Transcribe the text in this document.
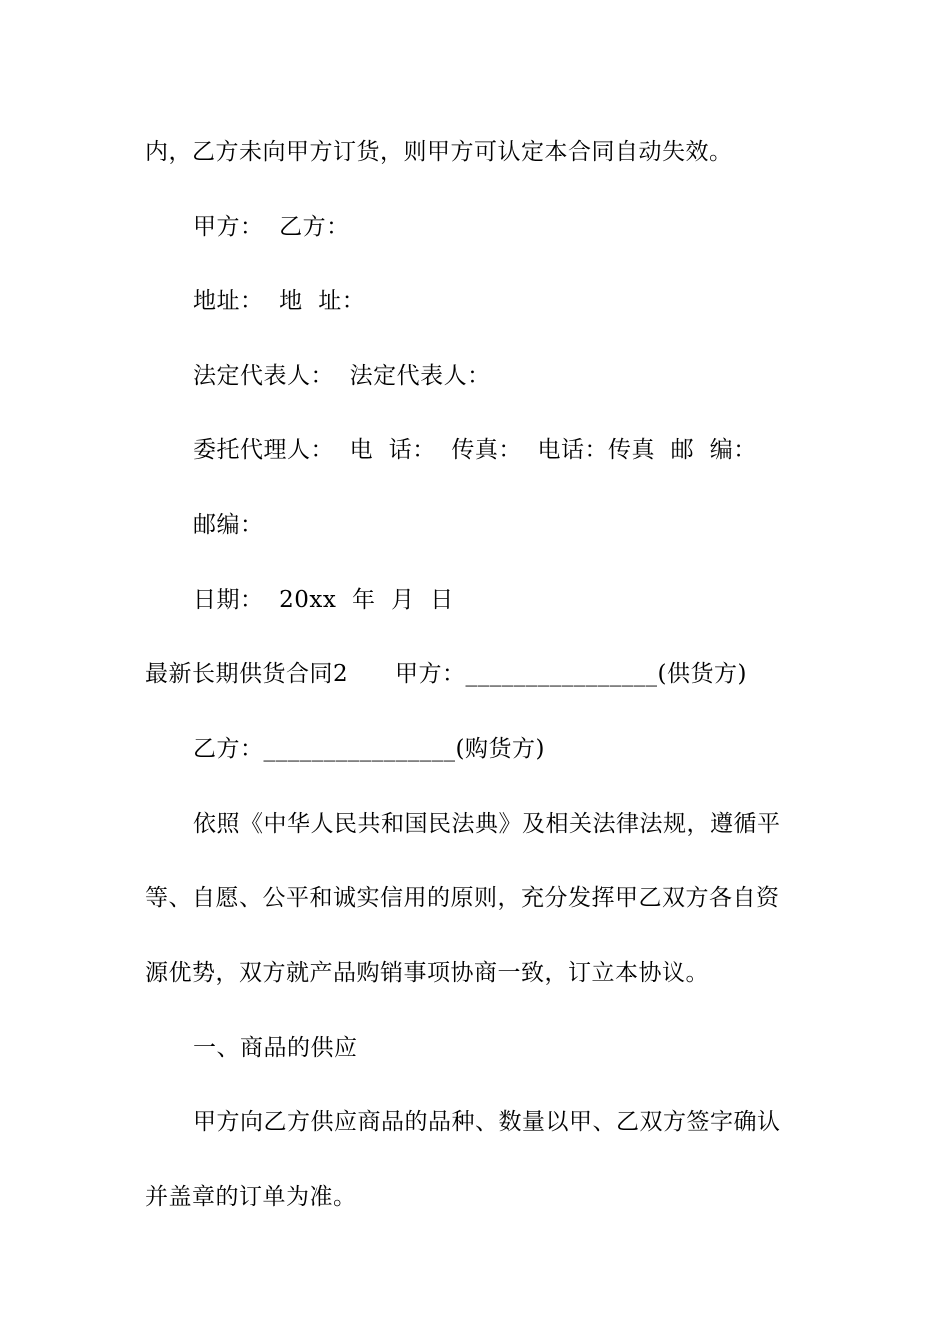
内，乙方未向甲方订货，则甲方可认定本合同自动失效。
甲方：  乙方：
地址：  地  址：
法定代表人：  法定代表人：
委托代理人：  电  话：  传真：  电话：传真  邮  编：
邮编：
日期：  20xx  年  月  日
最新长期供货合同2      甲方：________________(供货方)
乙方：________________(购货方)
依照《中华人民共和国民法典》及相关法律法规，遵循平
等、自愿、公平和诚实信用的原则，充分发挥甲乙双方各自资
源优势，双方就产品购销事项协商一致，订立本协议。
一、商品的供应
甲方向乙方供应商品的品种、数量以甲、乙双方签字确认
并盖章的订单为准。
